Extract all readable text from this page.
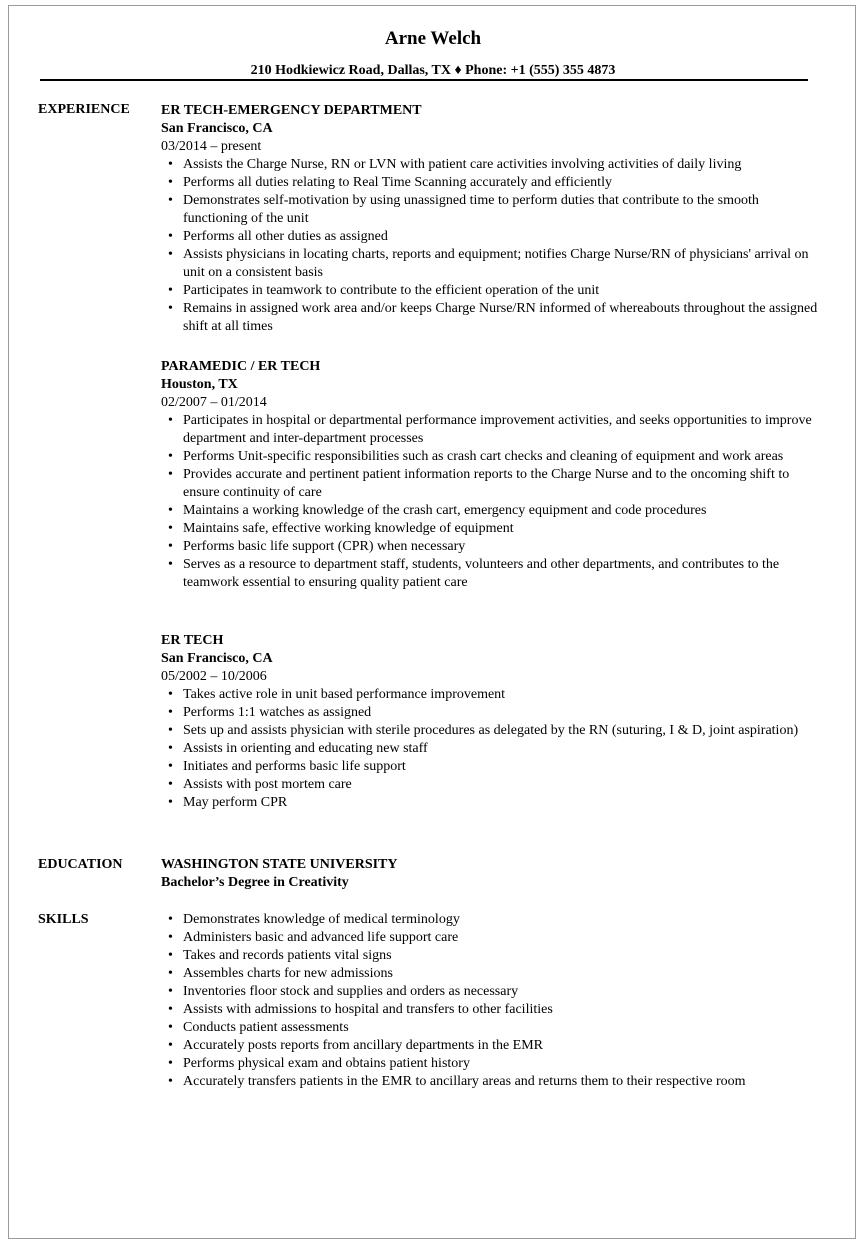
Arne Welch
210 Hodkiewicz Road, Dallas, TX ♦ Phone: +1 (555) 355 4873
EXPERIENCE ER TECH-EMERGENCY DEPARTMENT
San Francisco, CA
03/2014 – present
• Assists the Charge Nurse, RN or LVN with patient care activities involving activities of daily living
• Performs all duties relating to Real Time Scanning accurately and efficiently
• Demonstrates self-motivation by using unassigned time to perform duties that contribute to the smooth functioning of the unit
• Performs all other duties as assigned
• Assists physicians in locating charts, reports and equipment; notifies Charge Nurse/RN of physicians' arrival on unit on a consistent basis
• Participates in teamwork to contribute to the efficient operation of the unit
• Remains in assigned work area and/or keeps Charge Nurse/RN informed of whereabouts throughout the assigned shift at all times
PARAMEDIC / ER TECH
Houston, TX
02/2007 – 01/2014
• Participates in hospital or departmental performance improvement activities, and seeks opportunities to improve department and inter-department processes
• Performs Unit-specific responsibilities such as crash cart checks and cleaning of equipment and work areas
• Provides accurate and pertinent patient information reports to the Charge Nurse and to the oncoming shift to ensure continuity of care
• Maintains a working knowledge of the crash cart, emergency equipment and code procedures
• Maintains safe, effective working knowledge of equipment
• Performs basic life support (CPR) when necessary
• Serves as a resource to department staff, students, volunteers and other departments, and contributes to the teamwork essential to ensuring quality patient care
ER TECH
San Francisco, CA
05/2002 – 10/2006
• Takes active role in unit based performance improvement
• Performs 1:1 watches as assigned
• Sets up and assists physician with sterile procedures as delegated by the RN (suturing, I & D, joint aspiration)
• Assists in orienting and educating new staff
• Initiates and performs basic life support
• Assists with post mortem care
• May perform CPR
EDUCATION	WASHINGTON STATE UNIVERSITY
Bachelor’s Degree in Creativity
SKILLS
•	Demonstrates knowledge of medical terminology
• Administers basic and advanced life support care
• Takes and records patients vital signs
• Assembles charts for new admissions
• Inventories floor stock and supplies and orders as necessary
• Assists with admissions to hospital and transfers to other facilities
• Conducts patient assessments
• Accurately posts reports from ancillary departments in the EMR
• Performs physical exam and obtains patient history
• Accurately transfers patients in the EMR to ancillary areas and returns them to their respective room
